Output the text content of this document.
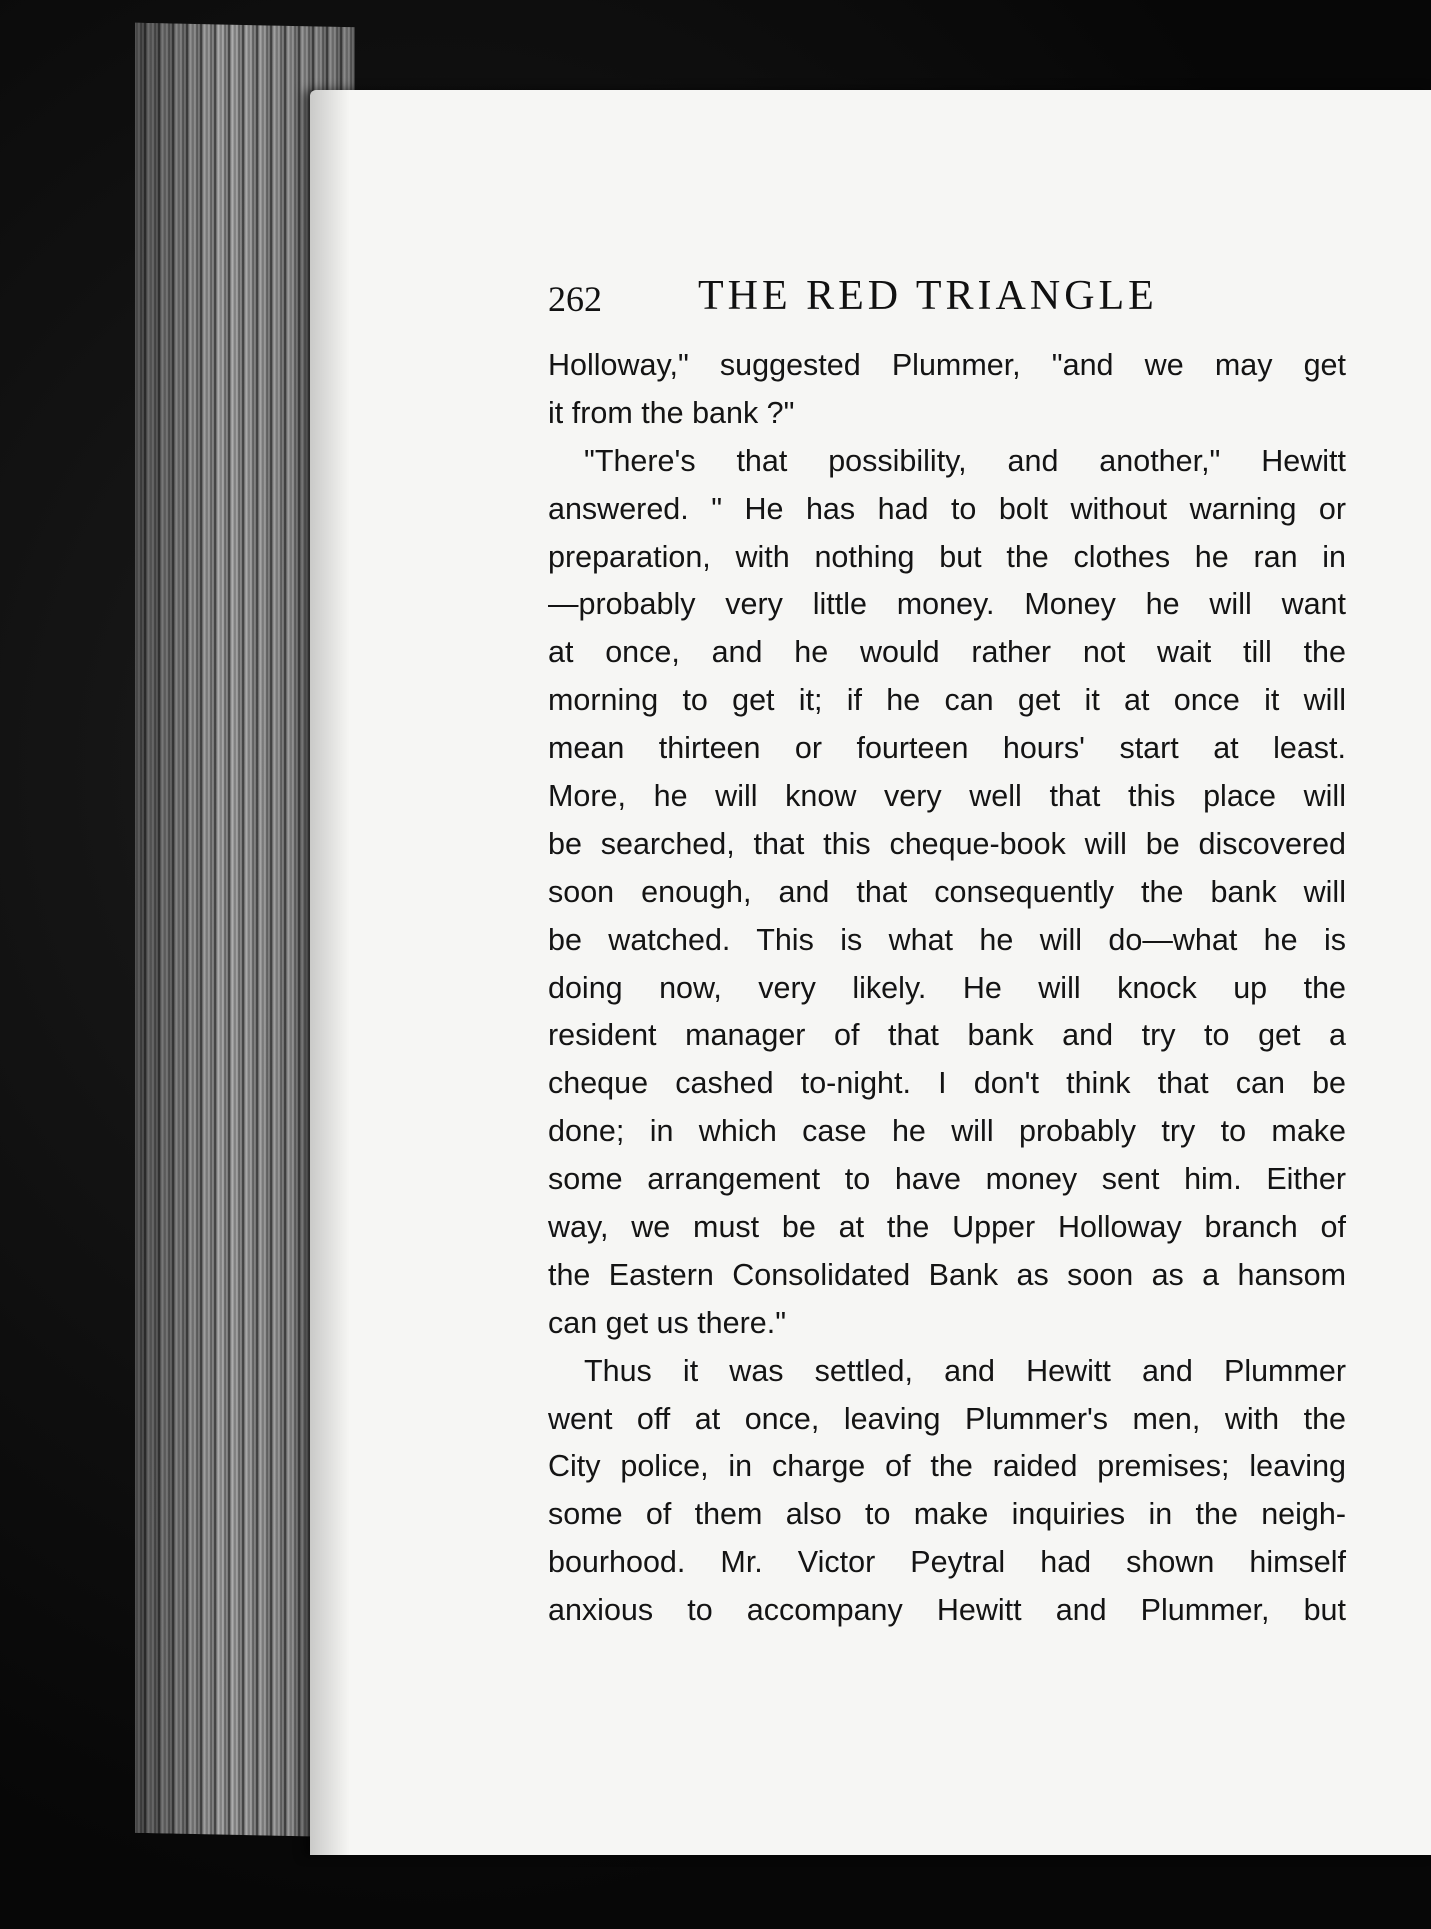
262 THE RED TRIANGLE
Holloway," suggested Plummer, "and we may get
it from the bank ?"
"There's that possibility, and another," Hewitt
answered. " He has had to bolt without warning or
preparation, with nothing but the clothes he ran in
—probably very little money. Money he will want
at once, and he would rather not wait till the
morning to get it; if he can get it at once it will
mean thirteen or fourteen hours' start at least.
More, he will know very well that this place will
be searched, that this cheque-book will be discovered
soon enough, and that consequently the bank will
be watched. This is what he will do—what he is
doing now, very likely. He will knock up the
resident manager of that bank and try to get a
cheque cashed to-night. I don't think that can be
done; in which case he will probably try to make
some arrangement to have money sent him. Either
way, we must be at the Upper Holloway branch of
the Eastern Consolidated Bank as soon as a hansom
can get us there."
Thus it was settled, and Hewitt and Plummer
went off at once, leaving Plummer's men, with the
City police, in charge of the raided premises; leaving
some of them also to make inquiries in the neigh-
bourhood. Mr. Victor Peytral had shown himself
anxious to accompany Hewitt and Plummer, but
